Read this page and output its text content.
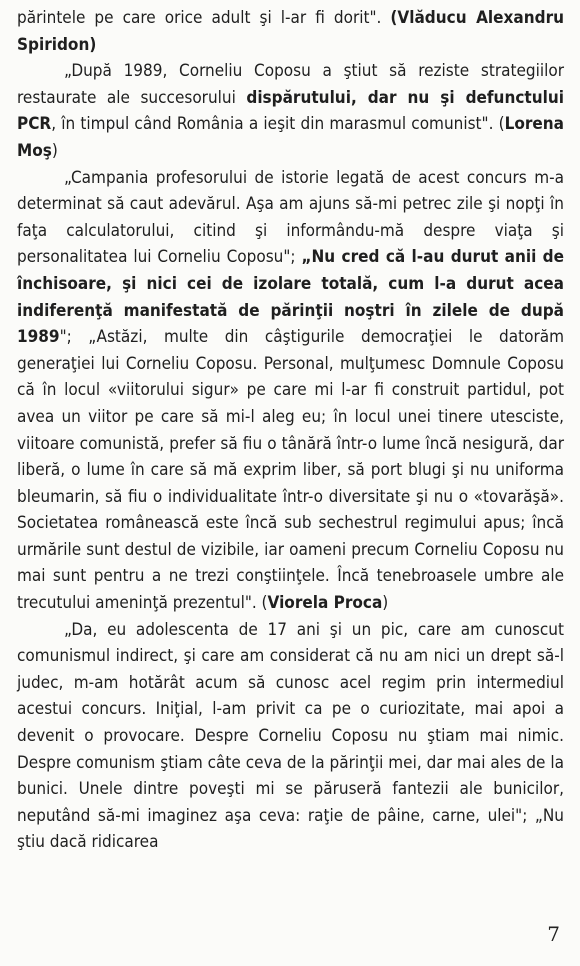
părintele pe care orice adult şi l-ar fi dorit". (Vlăducu Alexandru Spiridon)

„După 1989, Corneliu Coposu a ştiut să reziste strategiilor restaurate ale succesorului dispărutului, dar nu şi defunctului PCR, în timpul când România a ieşit din marasmul comunist". (Lorena Moş)

„Campania profesorului de istorie legată de acest concurs m-a determinat să caut adevărul. Aşa am ajuns să-mi petrec zile şi nopţi în faţa calculatorului, citind şi informându-mă despre viaţa şi personalitatea lui Corneliu Coposu"; „Nu cred că l-au durut anii de închisoare, şi nici cei de izolare totală, cum l-a durut acea indiferenţă manifestată de părinţii noştri în zilele de după 1989"; „Astăzi, multe din câştigurile democraţiei le datorăm generaţiei lui Corneliu Coposu. Personal, mulţumesc Domnule Coposu că în locul «viitorului sigur» pe care mi l-ar fi construit partidul, pot avea un viitor pe care să mi-l aleg eu; în locul unei tinere utesciste, viitoare comunistă, prefer să fiu o tânără într-o lume încă nesigură, dar liberă, o lume în care să mă exprim liber, să port blugi şi nu uniforma bleumarin, să fiu o individualitate într-o diversitate şi nu o «tovarăşă». Societatea românească este încă sub sechestrul regimului apus; încă urmările sunt destul de vizibile, iar oameni precum Corneliu Coposu nu mai sunt pentru a ne trezi conştiinţele. Încă tenebroasele umbre ale trecutului ameninţă prezentul". (Viorela Proca)

„Da, eu adolescenta de 17 ani şi un pic, care am cunoscut comunismul indirect, şi care am considerat că nu am nici un drept să-l judec, m-am hotărât acum să cunosc acel regim prin intermediul acestui concurs. Iniţial, l-am privit ca pe o curiozitate, mai apoi a devenit o provocare. Despre Corneliu Coposu nu ştiam mai nimic. Despre comunism ştiam câte ceva de la părinţii mei, dar mai ales de la bunici. Unele dintre poveşti mi se păruseră fantezii ale bunicilor, neputând să-mi imaginez aşa ceva: raţie de pâine, carne, ulei"; „Nu ştiu dacă ridicarea

7
